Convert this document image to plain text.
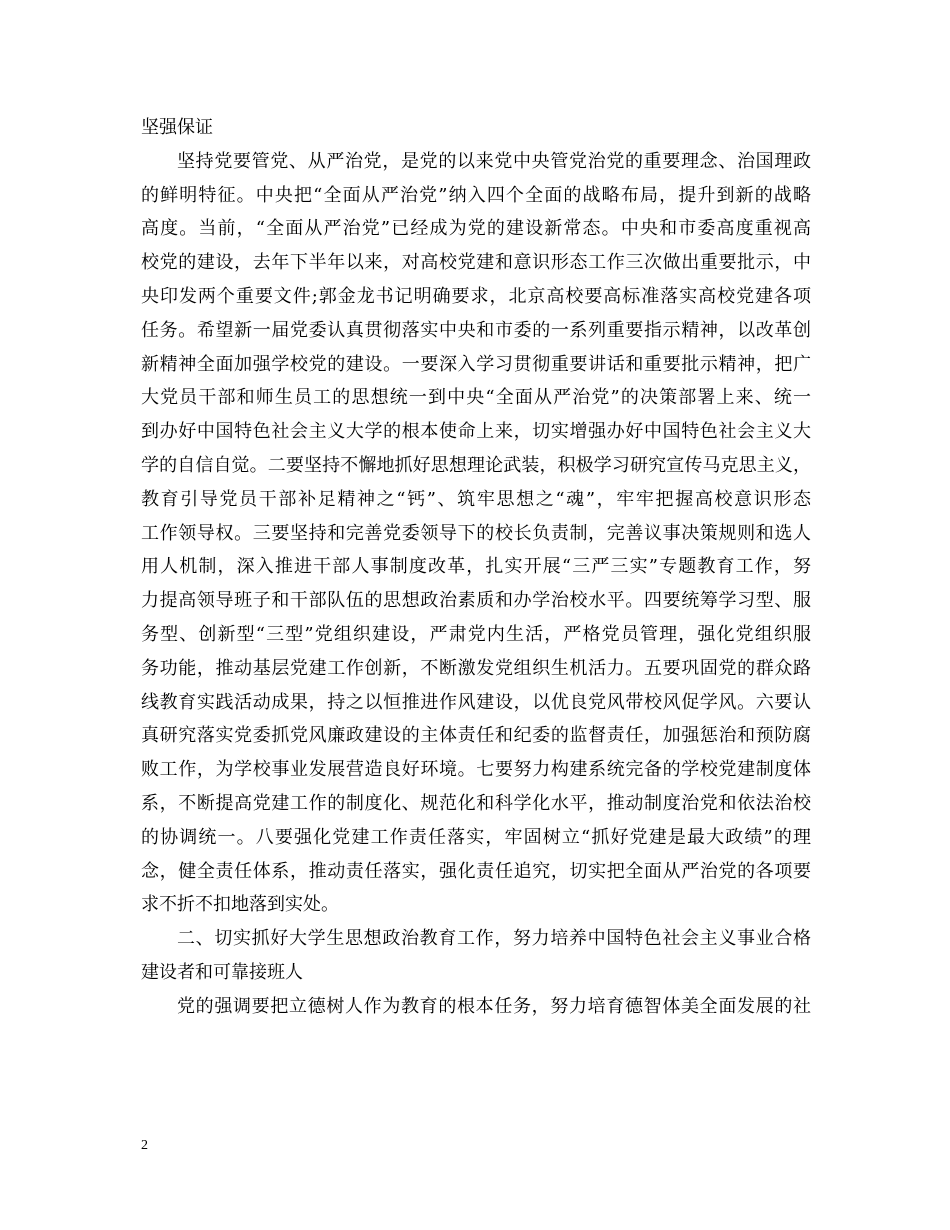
坚强保证
坚持党要管党、从严治党，是党的以来党中央管党治党的重要理念、治国理政
的鲜明特征。中央把“全面从严治党”纳入四个全面的战略布局，提升到新的战略
高度。当前，“全面从严治党”已经成为党的建设新常态。中央和市委高度重视高
校党的建设，去年下半年以来，对高校党建和意识形态工作三次做出重要批示，中
央印发两个重要文件;郭金龙书记明确要求，北京高校要高标准落实高校党建各项
任务。希望新一届党委认真贯彻落实中央和市委的一系列重要指示精神，以改革创
新精神全面加强学校党的建设。一要深入学习贯彻重要讲话和重要批示精神，把广
大党员干部和师生员工的思想统一到中央“全面从严治党”的决策部署上来、统一
到办好中国特色社会主义大学的根本使命上来，切实增强办好中国特色社会主义大
学的自信自觉。二要坚持不懈地抓好思想理论武装，积极学习研究宣传马克思主义，
教育引导党员干部补足精神之“钙”、筑牢思想之“魂”，牢牢把握高校意识形态
工作领导权。三要坚持和完善党委领导下的校长负责制，完善议事决策规则和选人
用人机制，深入推进干部人事制度改革，扎实开展“三严三实”专题教育工作，努
力提高领导班子和干部队伍的思想政治素质和办学治校水平。四要统筹学习型、服
务型、创新型“三型”党组织建设，严肃党内生活，严格党员管理，强化党组织服
务功能，推动基层党建工作创新，不断激发党组织生机活力。五要巩固党的群众路
线教育实践活动成果，持之以恒推进作风建设，以优良党风带校风促学风。六要认
真研究落实党委抓党风廉政建设的主体责任和纪委的监督责任，加强惩治和预防腐
败工作，为学校事业发展营造良好环境。七要努力构建系统完备的学校党建制度体
系，不断提高党建工作的制度化、规范化和科学化水平，推动制度治党和依法治校
的协调统一。八要强化党建工作责任落实，牢固树立“抓好党建是最大政绩”的理
念，健全责任体系，推动责任落实，强化责任追究，切实把全面从严治党的各项要
求不折不扣地落到实处。
二、切实抓好大学生思想政治教育工作，努力培养中国特色社会主义事业合格
建设者和可靠接班人
党的强调要把立德树人作为教育的根本任务，努力培育德智体美全面发展的社
2
